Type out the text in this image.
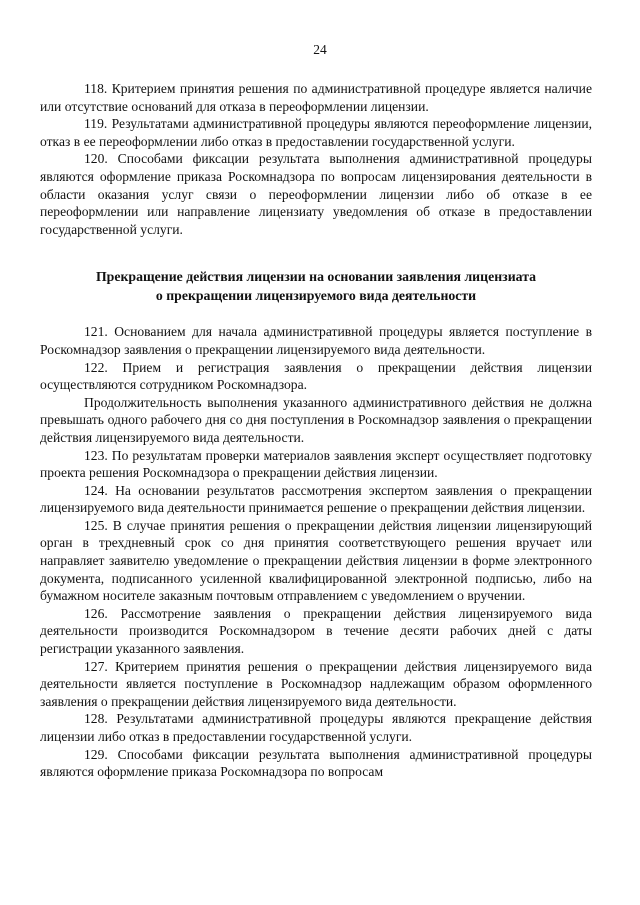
24

118. Критерием принятия решения по административной процедуре является наличие или отсутствие оснований для отказа в переоформлении лицензии.

119. Результатами административной процедуры являются переоформление лицензии, отказ в ее переоформлении либо отказ в предоставлении государственной услуги.

120. Способами фиксации результата выполнения административной процедуры являются оформление приказа Роскомнадзора по вопросам лицензирования деятельности в области оказания услуг связи о переоформлении лицензии либо об отказе в ее переоформлении или направление лицензиату уведомления об отказе в предоставлении государственной услуги.

Прекращение действия лицензии на основании заявления лицензиата
о прекращении лицензируемого вида деятельности

121. Основанием для начала административной процедуры является поступление в Роскомнадзор заявления о прекращении лицензируемого вида деятельности.

122. Прием и регистрация заявления о прекращении действия лицензии осуществляются сотрудником Роскомнадзора.

Продолжительность выполнения указанного административного действия не должна превышать одного рабочего дня со дня поступления в Роскомнадзор заявления о прекращении действия лицензируемого вида деятельности.

123. По результатам проверки материалов заявления эксперт осуществляет подготовку проекта решения Роскомнадзора о прекращении действия лицензии.

124. На основании результатов рассмотрения экспертом заявления о прекращении лицензируемого вида деятельности принимается решение о прекращении действия лицензии.

125. В случае принятия решения о прекращении действия лицензии лицензирующий орган в трехдневный срок со дня принятия соответствующего решения вручает или направляет заявителю уведомление о прекращении действия лицензии в форме электронного документа, подписанного усиленной квалифицированной электронной подписью, либо на бумажном носителе заказным почтовым отправлением с уведомлением о вручении.

126. Рассмотрение заявления о прекращении действия лицензируемого вида деятельности производится Роскомнадзором в течение десяти рабочих дней с даты регистрации указанного заявления.

127. Критерием принятия решения о прекращении действия лицензируемого вида деятельности является поступление в Роскомнадзор надлежащим образом оформленного заявления о прекращении действия лицензируемого вида деятельности.

128. Результатами административной процедуры являются прекращение действия лицензии либо отказ в предоставлении государственной услуги.

129. Способами фиксации результата выполнения административной процедуры являются оформление приказа Роскомнадзора по вопросам
